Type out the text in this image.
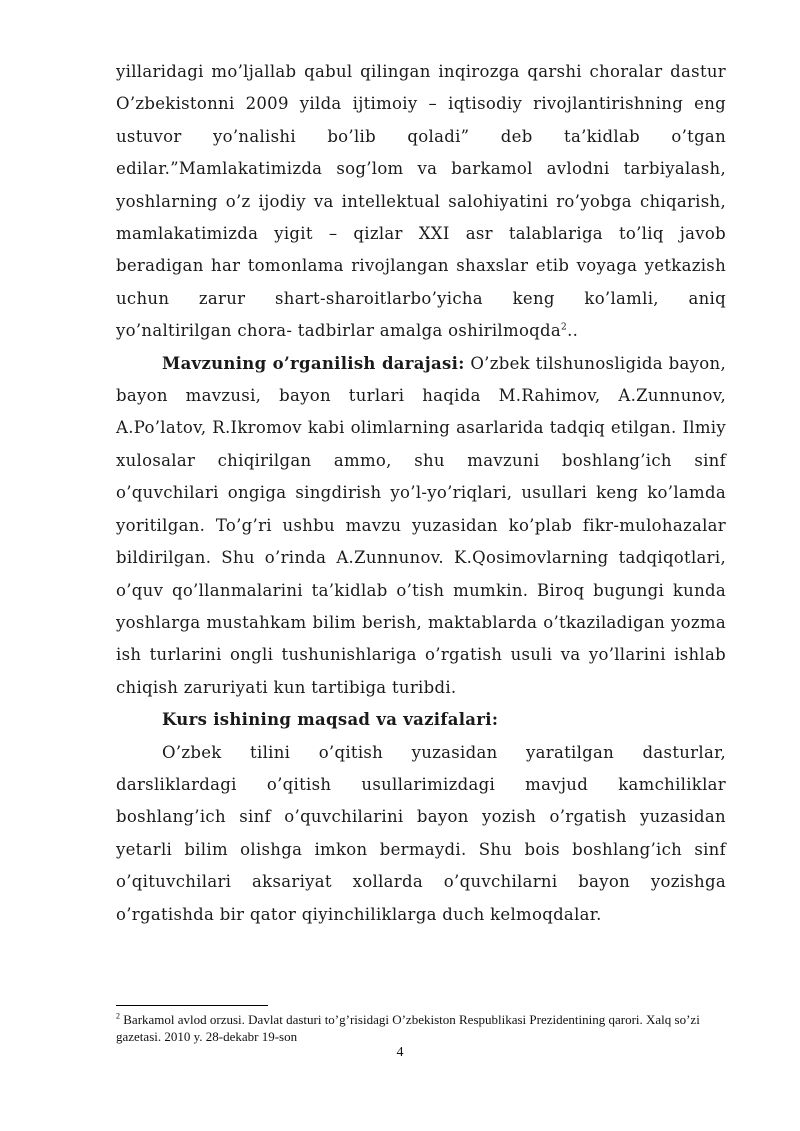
yillaridagi mo’ljallab qabul qilingan inqirozga qarshi choralar dastur O’zbekistonni 2009 yilda ijtimoiy – iqtisodiy rivojlantirishning eng ustuvor yo’nalishi bo’lib qoladi” deb ta’kidlab o’tgan edilar.”Mamlakatimizda sog’lom va barkamol avlodni tarbiyalash, yoshlarning o’z ijodiy va intellektual salohiyatini ro’yobga chiqarish, mamlakatimizda yigit – qizlar XXI asr talablariga to’liq javob beradigan har tomonlama rivojlangan shaxslar etib voyaga yetkazish uchun zarur shart-sharoitlarbo’yicha keng ko’lamli, aniq yo’naltirilgan chora- tadbirlar amalga oshirilmoqda$^2$..

Mavzuning o’rganilish darajasi: O’zbek tilshunosligida bayon, bayon mavzusi, bayon turlari haqida M.Rahimov, A.Zunnunov, A.Po’latov, R.Ikromov kabi olimlarning asarlarida tadqiq etilgan. Ilmiy xulosalar chiqirilgan ammo, shu mavzuni boshlang’ich sinf o’quvchilari ongiga singdirish yo’l-yo’riqlari, usullari keng ko’lamda yoritilgan. To’g’ri ushbu mavzu yuzasidan ko’plab fikr-mulohazalar bildirilgan. Shu o’rinda A.Zunnunov. K.Qosimovlarning tadqiqotlari, o’quv qo’llanmalarini ta’kidlab o’tish mumkin. Biroq bugungi kunda yoshlarga mustahkam bilim berish, maktablarda o’tkaziladigan yozma ish turlarini ongli tushunishlariga o’rgatish usuli va yo’llarini ishlab chiqish zaruriyati kun tartibiga turibdi.

Kurs ishining maqsad va vazifalari:

O’zbek tilini o’qitish yuzasidan yaratilgan dasturlar, darsliklardagi o’qitish usullarimizdagi mavjud kamchiliklar boshlang’ich sinf o’quvchilarini bayon yozish o’rgatish yuzasidan yetarli bilim olishga imkon bermaydi. Shu bois boshlang’ich sinf o’qituvchilari aksariyat xollarda o’quvchilarni bayon yozishga o’rgatishda bir qator qiyinchiliklarga duch kelmoqdalar.

$^2$ Barkamol avlod orzusi. Davlat dasturi to’g’risidagi O’zbekiston Respublikasi Prezidentining qarori. Xalq so’zi gazetasi. 2010 y. 28-dekabr 19-son
4
